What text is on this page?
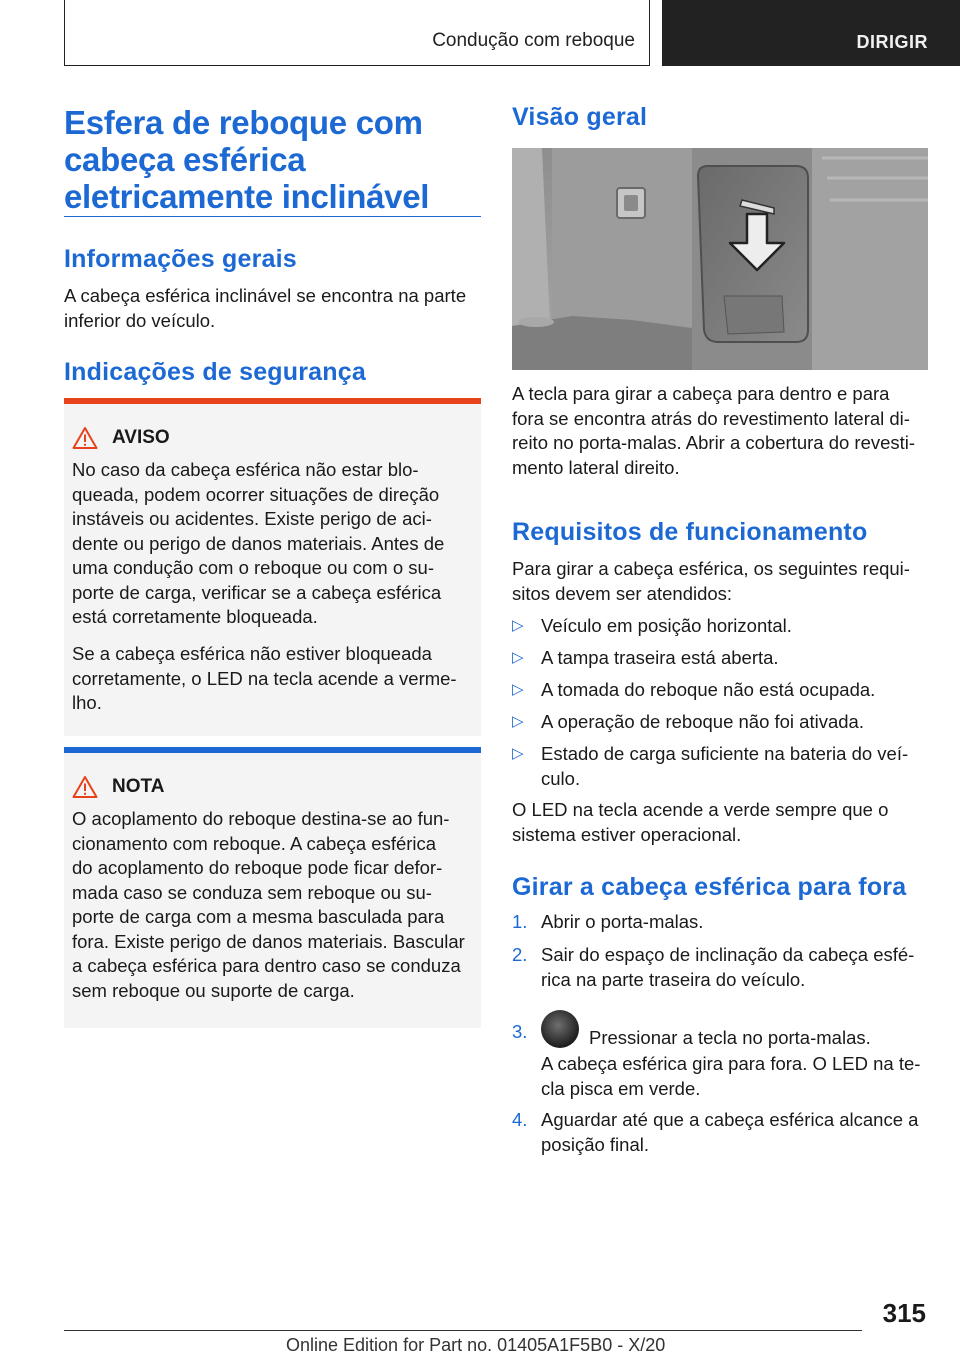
Condução com reboque	DIRIGIR
Esfera de reboque com
cabeça esférica
eletricamente inclinável
Informações gerais
A cabeça esférica inclinável se encontra na parte
inferior do veículo.
Indicações de segurança
AVISO
No caso da cabeça esférica não estar blo-
queada, podem ocorrer situações de direção
instáveis ou acidentes. Existe perigo de aci-
dente ou perigo de danos materiais. Antes de
uma condução com o reboque ou com o su-
porte de carga, verificar se a cabeça esférica
está corretamente bloqueada.
Se a cabeça esférica não estiver bloqueada
corretamente, o LED na tecla acende a verme-
lho.
NOTA
O acoplamento do reboque destina-se ao fun-
cionamento com reboque. A cabeça esférica
do acoplamento do reboque pode ficar defor-
mada caso se conduza sem reboque ou su-
porte de carga com a mesma basculada para
fora. Existe perigo de danos materiais. Bascular
a cabeça esférica para dentro caso se conduza
sem reboque ou suporte de carga.
Visão geral
A tecla para girar a cabeça para dentro e para
fora se encontra atrás do revestimento lateral di-
reito no porta-malas. Abrir a cobertura do revesti-
mento lateral direito.
Requisitos de funcionamento
Para girar a cabeça esférica, os seguintes requi-
sitos devem ser atendidos:
▷ Veículo em posição horizontal.
▷ A tampa traseira está aberta.
▷ A tomada do reboque não está ocupada.
▷ A operação de reboque não foi ativada.
▷ Estado de carga suficiente na bateria do veí-
culo.
O LED na tecla acende a verde sempre que o
sistema estiver operacional.
Girar a cabeça esférica para fora
1. Abrir o porta-malas.
2. Sair do espaço de inclinação da cabeça esfé-
rica na parte traseira do veículo.
3.	Pressionar a tecla no porta-malas.
A cabeça esférica gira para fora. O LED na te-
cla pisca em verde.
4. Aguardar até que a cabeça esférica alcance a
posição final.
315
Online Edition for Part no. 01405A1F5B0 - X/20
